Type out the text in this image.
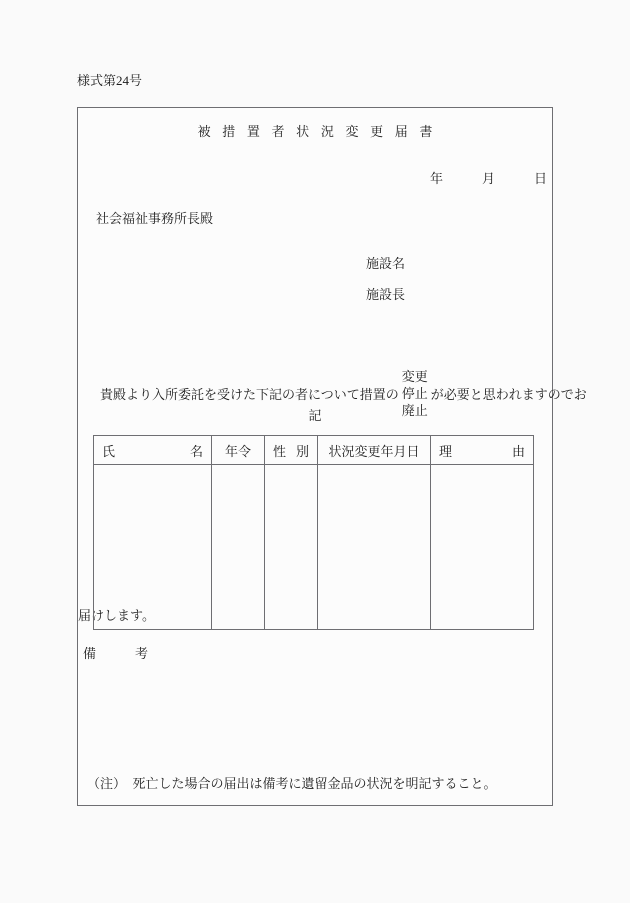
様式第24号
被 措 置 者 状 況 変 更 届 書
年　　　月　　　日
社会福祉事務所長殿
施設名
施設長

貴殿より入所委託を受けた下記の者について措置の
変更
停止
廃止
が必要と思われますのでお

届けします。

記
氏 名	年令	性 別	状況変更年月日	理 由

備　　　考
（注）　死亡した場合の届出は備考に遺留金品の状況を明記すること。
